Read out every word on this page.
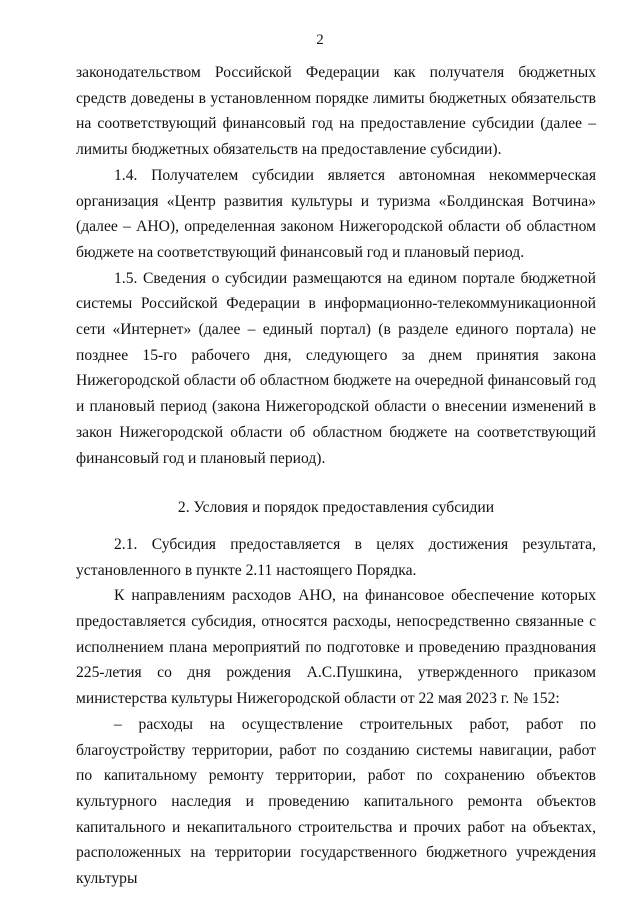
2

законодательством Российской Федерации как получателя бюджетных средств доведены в установленном порядке лимиты бюджетных обязательств на соответствующий финансовый год на предоставление субсидии (далее – лимиты бюджетных обязательств на предоставление субсидии).

1.4. Получателем субсидии является автономная некоммерческая организация «Центр развития культуры и туризма «Болдинская Вотчина» (далее – АНО), определенная законом Нижегородской области об областном бюджете на соответствующий финансовый год и плановый период.

1.5. Сведения о субсидии размещаются на едином портале бюджетной системы Российской Федерации в информационно-телекоммуникационной сети «Интернет» (далее – единый портал) (в разделе единого портала) не позднее 15-го рабочего дня, следующего за днем принятия закона Нижегородской области об областном бюджете на очередной финансовый год и плановый период (закона Нижегородской области о внесении изменений в закон Нижегородской области об областном бюджете на соответствующий финансовый год и плановый период).

2. Условия и порядок предоставления субсидии

2.1. Субсидия предоставляется в целях достижения результата, установленного в пункте 2.11 настоящего Порядка.

К направлениям расходов АНО, на финансовое обеспечение которых предоставляется субсидия, относятся расходы, непосредственно связанные с исполнением плана мероприятий по подготовке и проведению празднования 225-летия со дня рождения А.С.Пушкина, утвержденного приказом министерства культуры Нижегородской области от 22 мая 2023 г. № 152:

– расходы на осуществление строительных работ, работ по благоустройству территории, работ по созданию системы навигации, работ по капитальному ремонту территории, работ по сохранению объектов культурного наследия и проведению капитального ремонта объектов капитального и некапитального строительства и прочих работ на объектах, расположенных на территории государственного бюджетного учреждения культуры
